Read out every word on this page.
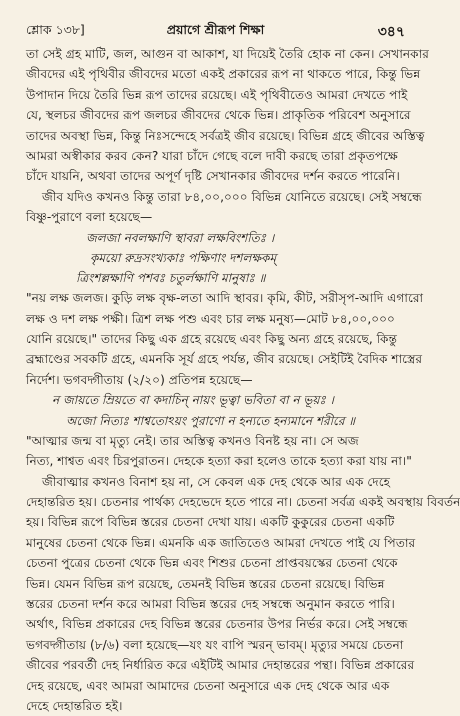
শ্লোক ১৩৮]	প্রয়াগে শ্রীরূপ শিক্ষা	৩৪৭
তা সেই গ্রহ মাটি, জল, আগুন বা আকাশ, যা দিয়েই তৈরি হোক না কেন। সেখানকার
জীবদের এই পৃথিবীর জীবদের মতো একই প্রকারের রূপ না থাকতে পারে, কিন্তু ভিন্ন
উপাদান দিয়ে তৈরি ভিন্ন রূপ তাদের রয়েছে। এই পৃথিবীতেও আমরা দেখতে পাই
যে, স্থলচর জীবদের রূপ জলচর জীবদের থেকে ভিন্ন। প্রাকৃতিক পরিবেশ অনুসারে
তাদের অবস্থা ভিন্ন, কিন্তু নিঃসন্দেহে সর্বত্রই জীব রয়েছে। বিভিন্ন গ্রহে জীবের অস্তিত্ব
আমরা অস্বীকার করব কেন? যারা চাঁদে গেছে বলে দাবী করছে তারা প্রকৃতপক্ষে
চাঁদে যায়নি, অথবা তাদের অপূর্ণ দৃষ্টি সেখানকার জীবদের দর্শন করতে পারেনি।
জীব যদিও কখনও কিন্তু তারা ৮৪,০০,০০০ বিভিন্ন যোনিতে রয়েছে। সেই সম্বন্ধে
বিষ্ণু-পুরাণে বলা হয়েছে—
জলজা নবলক্ষাণি স্থাবরা লক্ষবিংশতিঃ ।
কৃময়ো রুদ্রসংখ্যকাঃ পক্ষিণাং দশলক্ষকম্
ত্রিংশল্লক্ষাণি পশবঃ চতুর্লক্ষাণি মানুষাঃ ॥
"নয় লক্ষ জলজ। কুড়ি লক্ষ বৃক্ষ-লতা আদি স্থাবর। কৃমি, কীট, সরীসৃপ-আদি এগারো
লক্ষ ও দশ লক্ষ পক্ষী। ত্রিশ লক্ষ পশু এবং চার লক্ষ মনুষ্য—মোট ৮৪,০০,০০০
যোনি রয়েছে।" তাদের কিছু এক গ্রহে রয়েছে এবং কিছু অন্য গ্রহে রয়েছে, কিন্তু
ব্রহ্মাণ্ডের সবকটি গ্রহে, এমনকি সূর্য গ্রহে পর্যন্ত, জীব রয়েছে। সেইটিই বৈদিক শাস্ত্রের
নির্দেশ। ভগবদ্গীতায় (২/২০) প্রতিপন্ন হয়েছে—
ন জায়তে ম্রিয়তে বা কদাচিন্ নায়ং ভূত্বা ভবিতা বা ন ভূয়ঃ ।
অজো নিত্যঃ শাশ্বতোঽয়ং পুরাণো ন হন্যতে হন্যমানে শরীরে ॥
"আত্মার জন্ম বা মৃত্যু নেই। তার অস্তিত্ব কখনও বিনষ্ট হয় না। সে অজ
নিত্য, শাশ্বত এবং চিরপুরাতন। দেহকে হত্যা করা হলেও তাকে হত্যা করা যায় না।"
জীবাত্মার কখনও বিনাশ হয় না, সে কেবল এক দেহ থেকে আর এক দেহে
দেহান্তরিত হয়। চেতনার পার্থক্য দেহভেদে হতে পারে না। চেতনা সর্বত্র একই অবস্থায় বিবর্তন
হয়। বিভিন্ন রূপে বিভিন্ন স্তরের চেতনা দেখা যায়। একটি কুকুরের চেতনা একটি
মানুষের চেতনা থেকে ভিন্ন। এমনকি এক জাতিতেও আমরা দেখতে পাই যে পিতার
চেতনা পুত্রের চেতনা থেকে ভিন্ন এবং শিশুর চেতনা প্রাপ্তবয়স্কের চেতনা থেকে
ভিন্ন। যেমন বিভিন্ন রূপ রয়েছে, তেমনই বিভিন্ন স্তরের চেতনা রয়েছে। বিভিন্ন
স্তরের চেতনা দর্শন করে আমরা বিভিন্ন স্তরের দেহ সম্বন্ধে অনুমান করতে পারি।
অর্থাৎ, বিভিন্ন প্রকারের দেহ বিভিন্ন স্তরের চেতনার উপর নির্ভর করে। সেই সম্বন্ধে
ভগবদ্গীতায় (৮/৬) বলা হয়েছে—যং যং বাপি স্মরন্ ভাবম্। মৃত্যুর সময়ে চেতনা
জীবের পরবর্তী দেহ নির্ধারিত করে এইটিই আমার দেহান্তরের পন্থা। বিভিন্ন প্রকারের
দেহ রয়েছে, এবং আমরা আমাদের চেতনা অনুসারে এক দেহ থেকে আর এক
দেহে দেহান্তরিত হই।
